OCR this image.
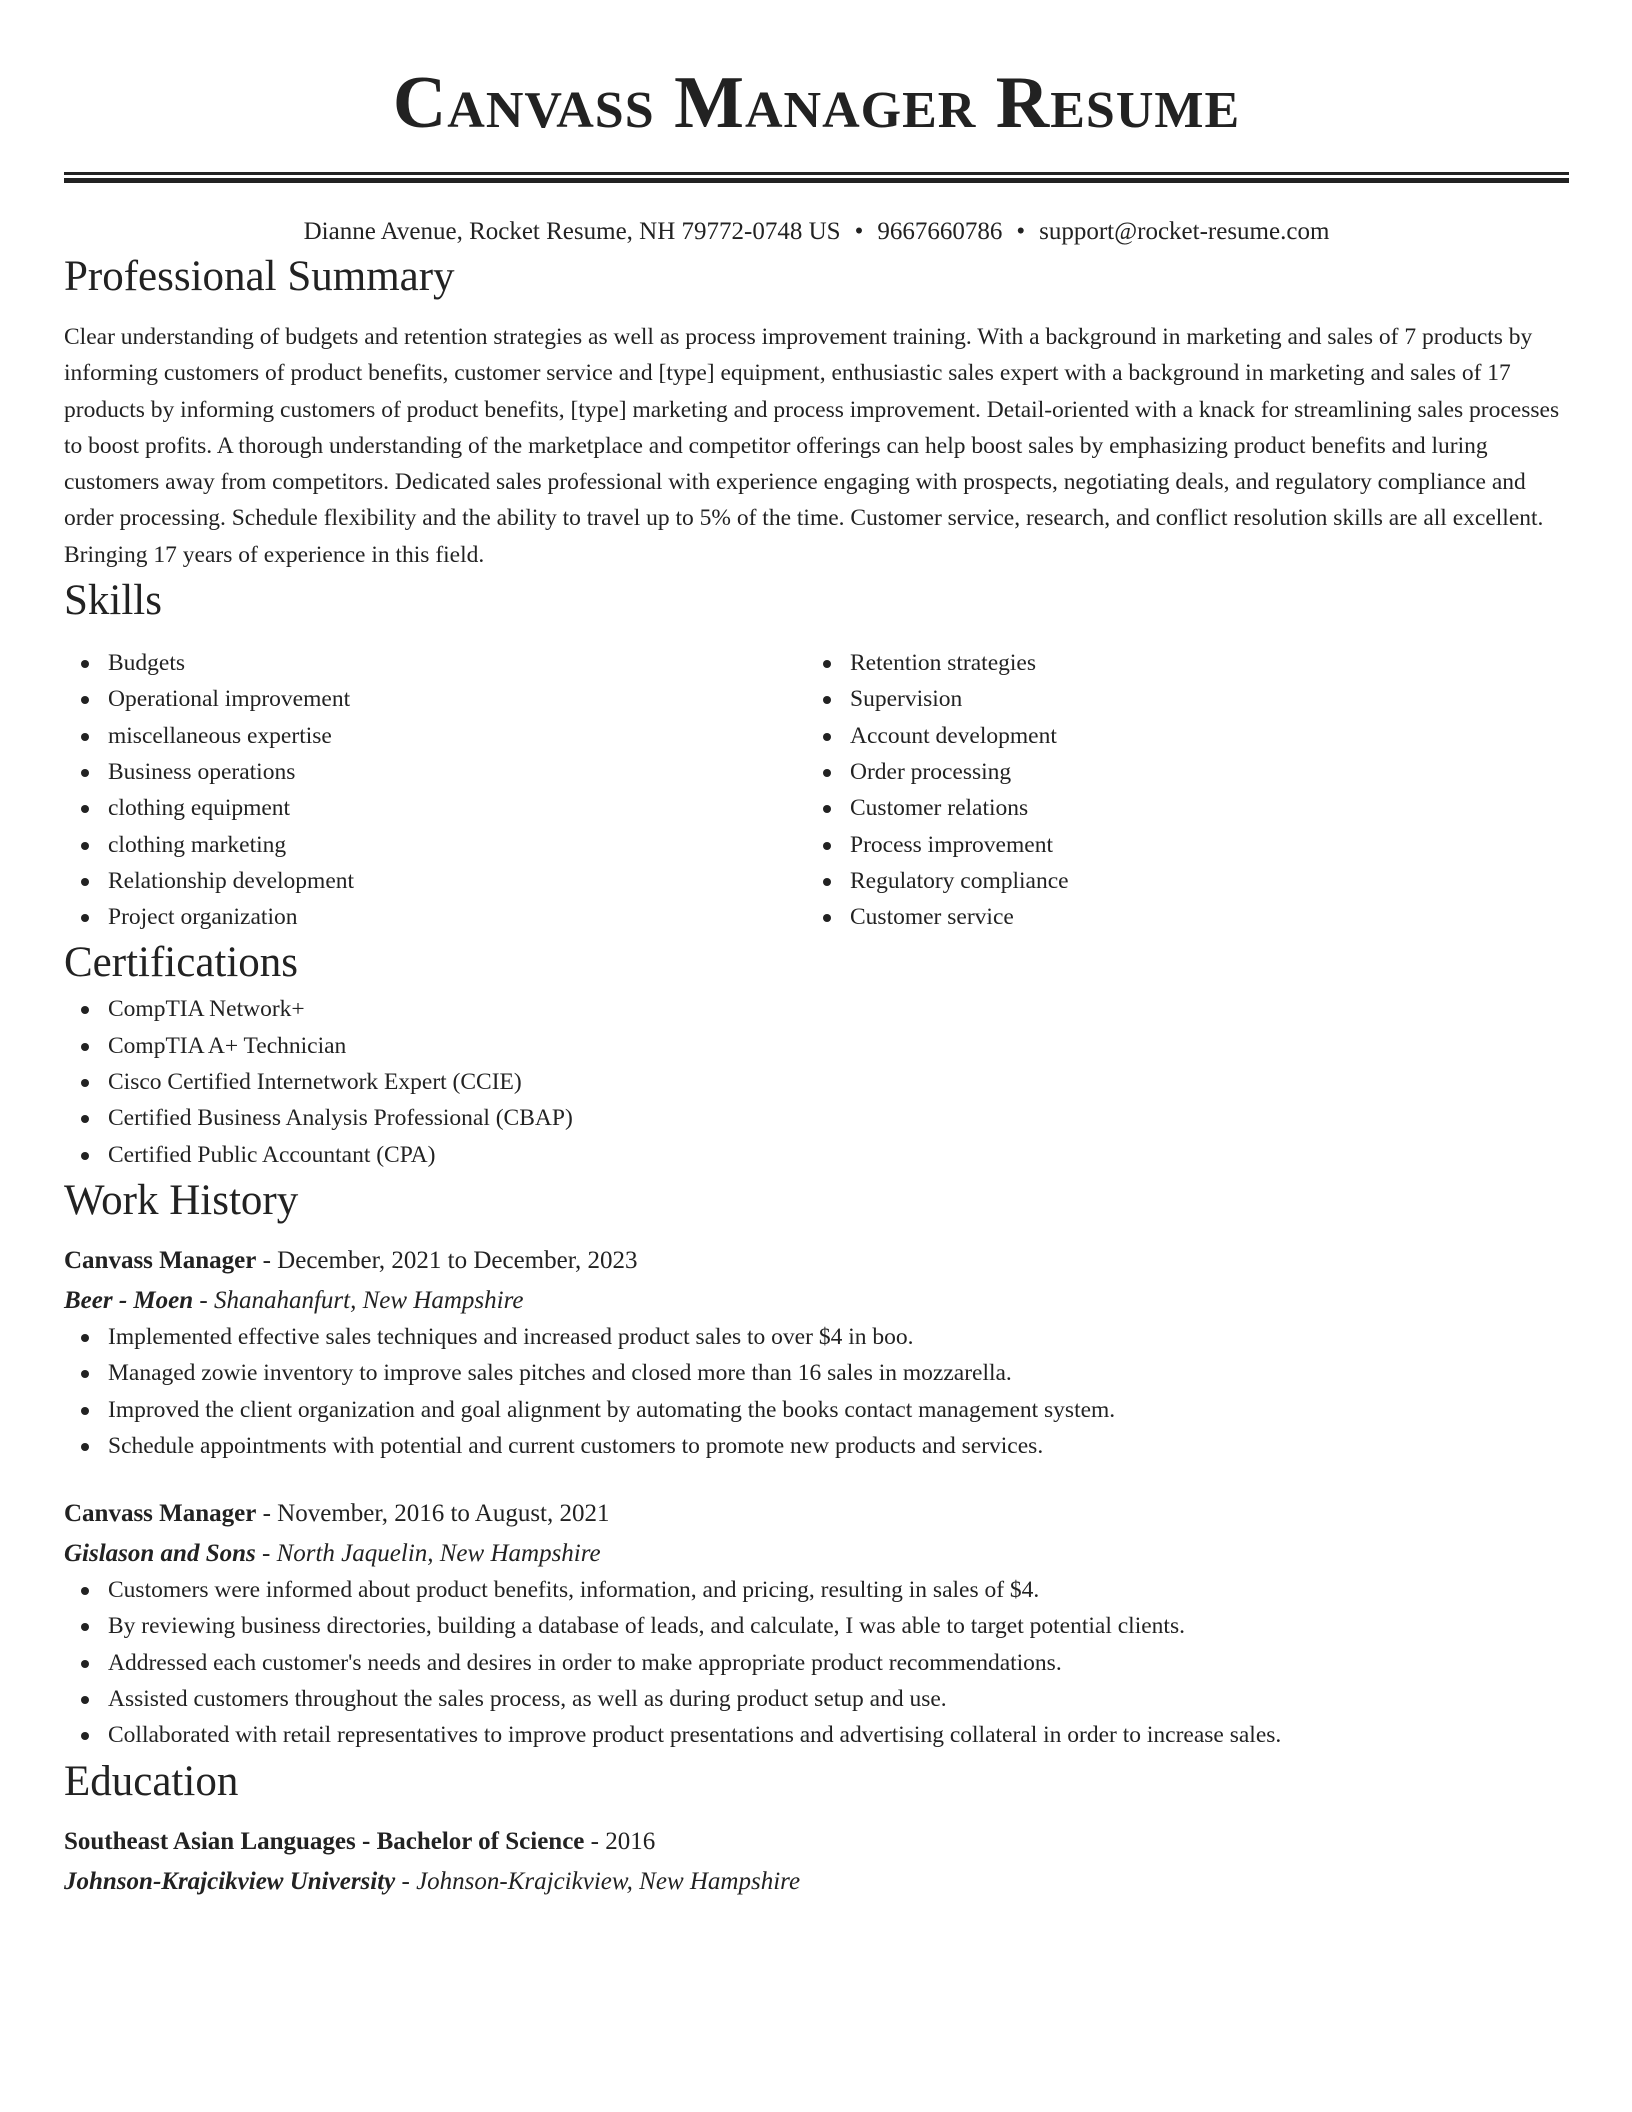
Canvass Manager Resume
Dianne Avenue, Rocket Resume, NH 79772-0748 US • 9667660786 • support@rocket-resume.com
Professional Summary
Clear understanding of budgets and retention strategies as well as process improvement training. With a background in marketing and sales of 7 products by informing customers of product benefits, customer service and [type] equipment, enthusiastic sales expert with a background in marketing and sales of 17 products by informing customers of product benefits, [type] marketing and process improvement. Detail-oriented with a knack for streamlining sales processes to boost profits. A thorough understanding of the marketplace and competitor offerings can help boost sales by emphasizing product benefits and luring customers away from competitors. Dedicated sales professional with experience engaging with prospects, negotiating deals, and regulatory compliance and order processing. Schedule flexibility and the ability to travel up to 5% of the time. Customer service, research, and conflict resolution skills are all excellent. Bringing 17 years of experience in this field.
Skills
Budgets
Operational improvement
miscellaneous expertise
Business operations
clothing equipment
clothing marketing
Relationship development
Project organization
Retention strategies
Supervision
Account development
Order processing
Customer relations
Process improvement
Regulatory compliance
Customer service
Certifications
CompTIA Network+
CompTIA A+ Technician
Cisco Certified Internetwork Expert (CCIE)
Certified Business Analysis Professional (CBAP)
Certified Public Accountant (CPA)
Work History
Canvass Manager - December, 2021 to December, 2023
Beer - Moen - Shanahanfurt, New Hampshire
Implemented effective sales techniques and increased product sales to over $4 in boo.
Managed zowie inventory to improve sales pitches and closed more than 16 sales in mozzarella.
Improved the client organization and goal alignment by automating the books contact management system.
Schedule appointments with potential and current customers to promote new products and services.
Canvass Manager - November, 2016 to August, 2021
Gislason and Sons - North Jaquelin, New Hampshire
Customers were informed about product benefits, information, and pricing, resulting in sales of $4.
By reviewing business directories, building a database of leads, and calculate, I was able to target potential clients.
Addressed each customer's needs and desires in order to make appropriate product recommendations.
Assisted customers throughout the sales process, as well as during product setup and use.
Collaborated with retail representatives to improve product presentations and advertising collateral in order to increase sales.
Education
Southeast Asian Languages - Bachelor of Science - 2016
Johnson-Krajcikview University - Johnson-Krajcikview, New Hampshire
